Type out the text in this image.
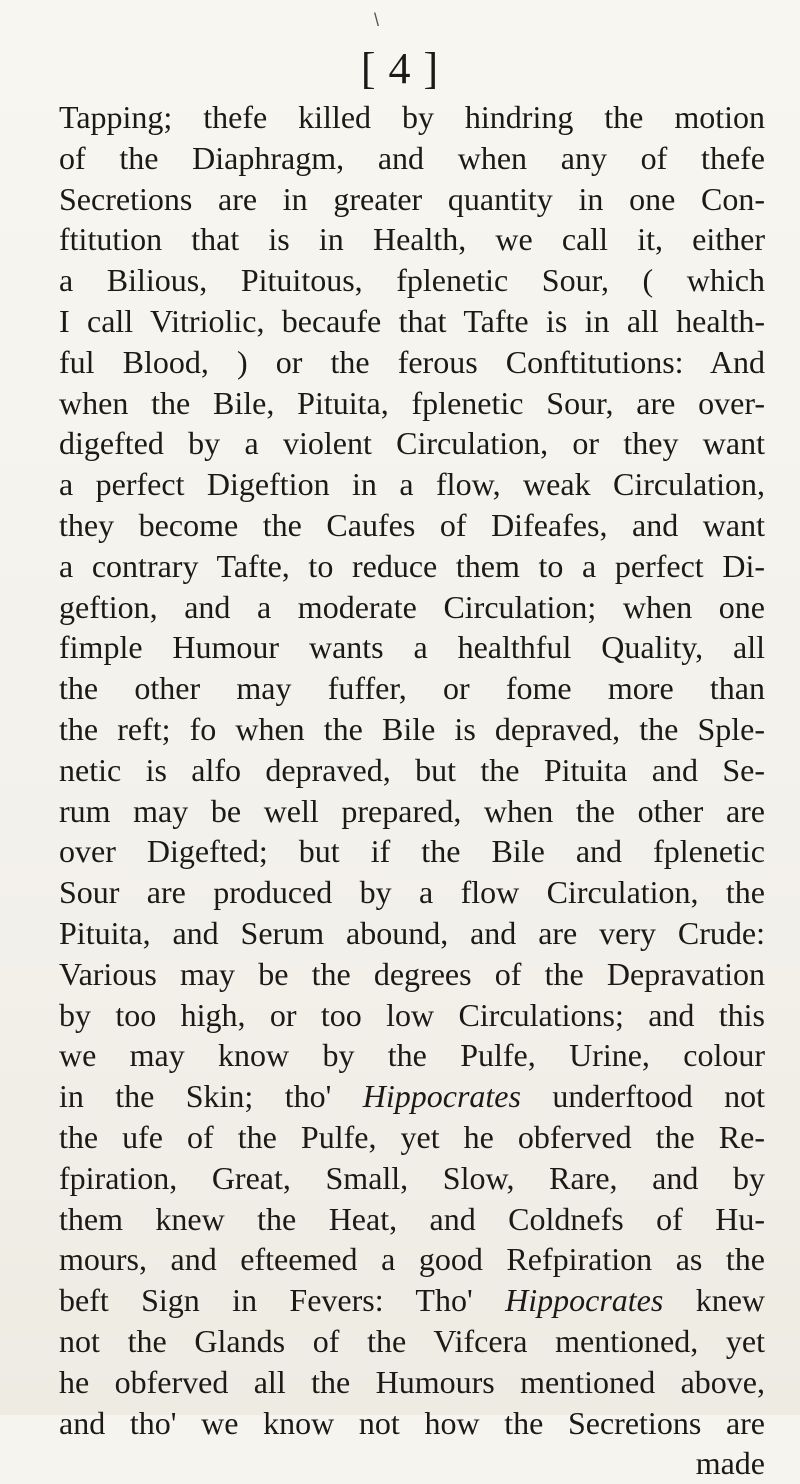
\
[ 4 ]
Tapping; thefe killed by hindring the motion
of the Diaphragm, and when any of thefe
Secretions are in greater quantity in one Con-
ftitution that is in Health, we call it, either
a Bilious, Pituitous, fplenetic Sour, ( which
I call Vitriolic, becaufe that Tafte is in all health-
ful Blood, ) or the ferous Conftitutions: And
when the Bile, Pituita, fplenetic Sour, are over-
digefted by a violent Circulation, or they want
a perfect Digeftion in a flow, weak Circulation,
they become the Caufes of Difeafes, and want
a contrary Tafte, to reduce them to a perfect Di-
geftion, and a moderate Circulation; when one
fimple Humour wants a healthful Quality, all
the other may fuffer, or fome more than
the reft; fo when the Bile is depraved, the Sple-
netic is alfo depraved, but the Pituita and Se-
rum may be well prepared, when the other are
over Digefted; but if the Bile and fplenetic
Sour are produced by a flow Circulation, the
Pituita, and Serum abound, and are very Crude:
Various may be the degrees of the Depravation
by too high, or too low Circulations; and this
we may know by the Pulfe, Urine, colour
in the Skin; tho' Hippocrates underftood not
the ufe of the Pulfe, yet he obferved the Re-
fpiration, Great, Small, Slow, Rare, and by
them knew the Heat, and Coldnefs of Hu-
mours, and efteemed a good Refpiration as the
beft Sign in Fevers: Tho' Hippocrates knew
not the Glands of the Vifcera mentioned, yet
he obferved all the Humours mentioned above,
and tho' we know not how the Secretions are
made
